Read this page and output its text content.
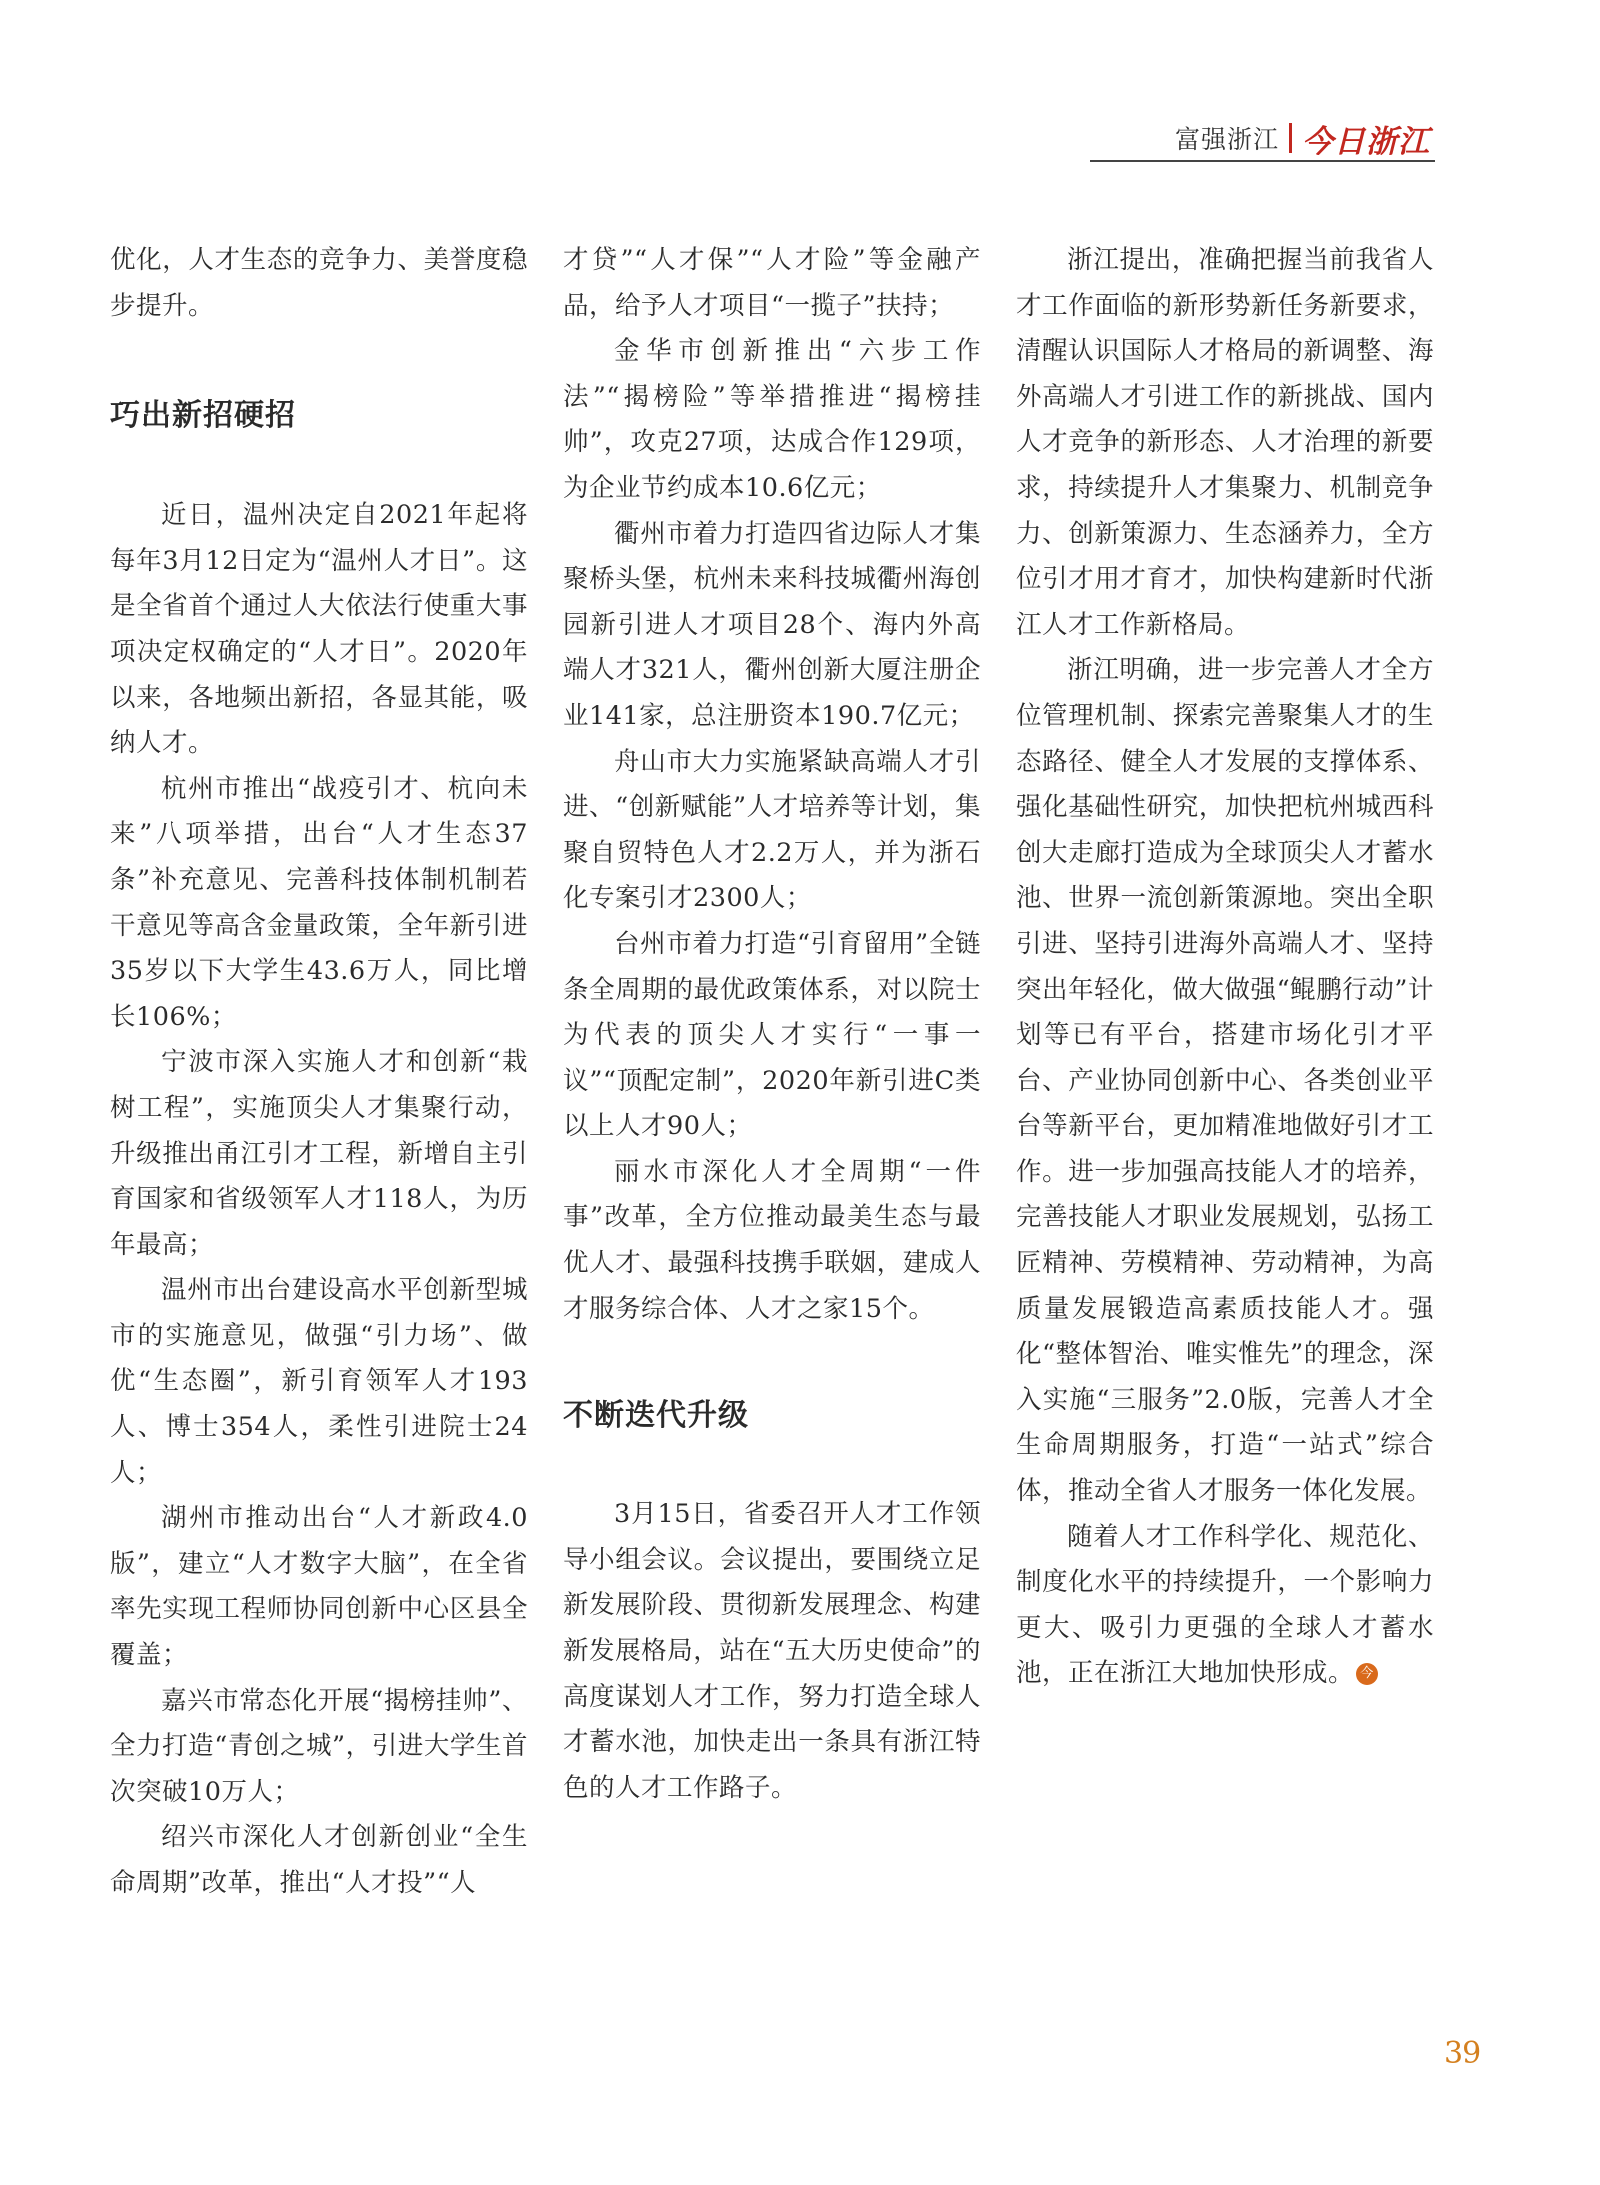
富强浙江 今日浙江

优化，人才生态的竞争力、美誉度稳步提升。

巧出新招硬招

近日，温州决定自2021年起将每年3月12日定为“温州人才日”。这是全省首个通过人大依法行使重大事项决定权确定的“人才日”。2020年以来，各地频出新招，各显其能，吸纳人才。

杭州市推出“战疫引才、杭向未来”八项举措，出台“人才生态37条”补充意见、完善科技体制机制若干意见等高含金量政策，全年新引进35岁以下大学生43.6万人，同比增长106%；

宁波市深入实施人才和创新“栽树工程”，实施顶尖人才集聚行动，升级推出甬江引才工程，新增自主引育国家和省级领军人才118人，为历年最高；

温州市出台建设高水平创新型城市的实施意见，做强“引力场”、做优“生态圈”，新引育领军人才193人、博士354人，柔性引进院士24人；

湖州市推动出台“人才新政4.0版”，建立“人才数字大脑”，在全省率先实现工程师协同创新中心区县全覆盖；

嘉兴市常态化开展“揭榜挂帅”、全力打造“青创之城”，引进大学生首次突破10万人；

绍兴市深化人才创新创业“全生命周期”改革，推出“人才投”“人

才贷”“人才保”“人才险”等金融产品，给予人才项目“一揽子”扶持；

金华市创新推出“六步工作法”“揭榜险”等举措推进“揭榜挂帅”，攻克27项，达成合作129项，为企业节约成本10.6亿元；

衢州市着力打造四省边际人才集聚桥头堡，杭州未来科技城衢州海创园新引进人才项目28个、海内外高端人才321人，衢州创新大厦注册企业141家，总注册资本190.7亿元；

舟山市大力实施紧缺高端人才引进、“创新赋能”人才培养等计划，集聚自贸特色人才2.2万人，并为浙石化专案引才2300人；

台州市着力打造“引育留用”全链条全周期的最优政策体系，对以院士为代表的顶尖人才实行“一事一议”“顶配定制”，2020年新引进C类以上人才90人；

丽水市深化人才全周期“一件事”改革，全方位推动最美生态与最优人才、最强科技携手联姻，建成人才服务综合体、人才之家15个。

不断迭代升级

3月15日，省委召开人才工作领导小组会议。会议提出，要围绕立足新发展阶段、贯彻新发展理念、构建新发展格局，站在“五大历史使命”的高度谋划人才工作，努力打造全球人才蓄水池，加快走出一条具有浙江特色的人才工作路子。

浙江提出，准确把握当前我省人才工作面临的新形势新任务新要求，清醒认识国际人才格局的新调整、海外高端人才引进工作的新挑战、国内人才竞争的新形态、人才治理的新要求，持续提升人才集聚力、机制竞争力、创新策源力、生态涵养力，全方位引才用才育才，加快构建新时代浙江人才工作新格局。

浙江明确，进一步完善人才全方位管理机制、探索完善聚集人才的生态路径、健全人才发展的支撑体系、强化基础性研究，加快把杭州城西科创大走廊打造成为全球顶尖人才蓄水池、世界一流创新策源地。突出全职引进、坚持引进海外高端人才、坚持突出年轻化，做大做强“鲲鹏行动”计划等已有平台，搭建市场化引才平台、产业协同创新中心、各类创业平台等新平台，更加精准地做好引才工作。进一步加强高技能人才的培养，完善技能人才职业发展规划，弘扬工匠精神、劳模精神、劳动精神，为高质量发展锻造高素质技能人才。强化“整体智治、唯实惟先”的理念，深入实施“三服务”2.0版，完善人才全生命周期服务，打造“一站式”综合体，推动全省人才服务一体化发展。

随着人才工作科学化、规范化、制度化水平的持续提升，一个影响力更大、吸引力更强的全球人才蓄水池，正在浙江大地加快形成。 今

39
